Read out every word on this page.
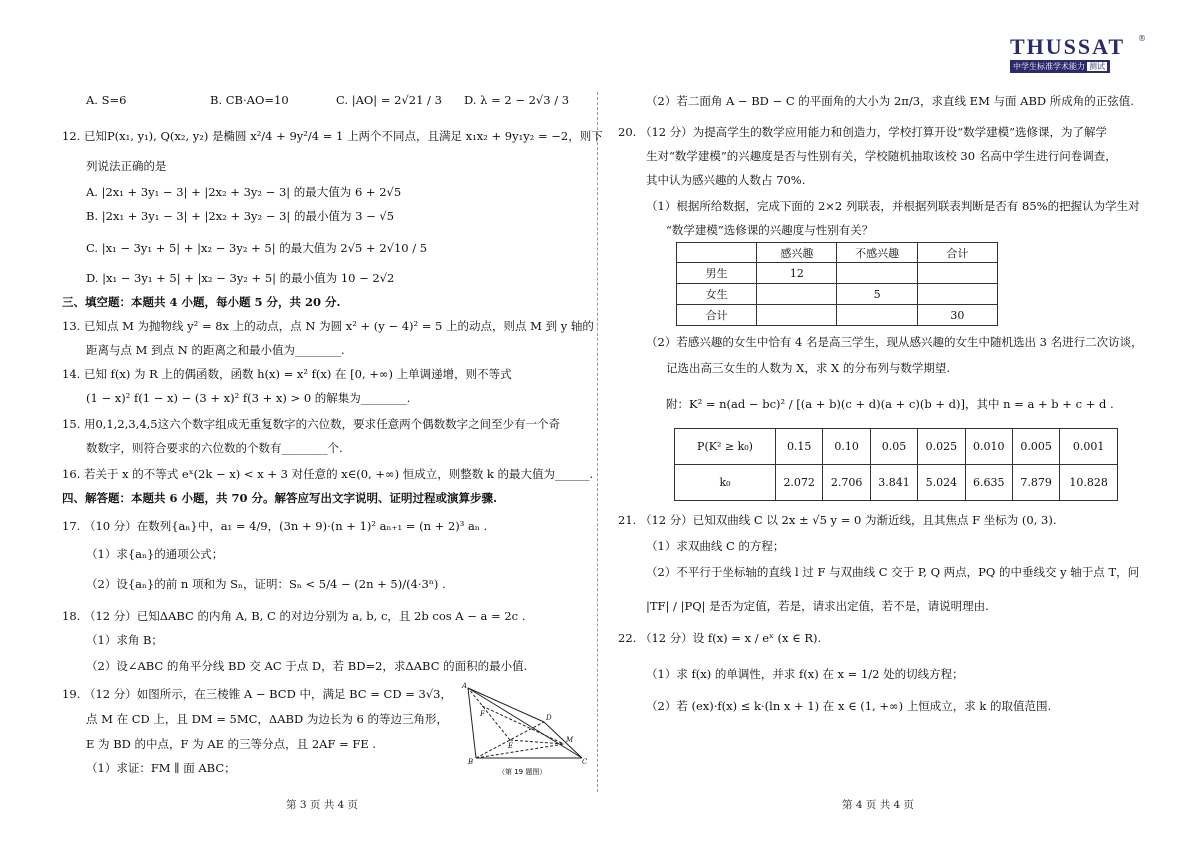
THUSSAT
中学生标准学术能力 测试
®
A. S=6	B. CB·AO=10	C. |AO| = 2√21 / 3 D. λ = 2 − 2√3 / 3
12. 已知P(x₁, y₁), Q(x₂, y₂) 是椭圆 x²/4 + 9y²/4 = 1 上两个不同点，且满足 x₁x₂ + 9y₁y₂ = −2，则下
列说法正确的是
A. |2x₁ + 3y₁ − 3| + |2x₂ + 3y₂ − 3| 的最大值为 6 + 2√5
B. |2x₁ + 3y₁ − 3| + |2x₂ + 3y₂ − 3| 的最小值为 3 − √5
C. |x₁ − 3y₁ + 5| + |x₂ − 3y₂ + 5| 的最大值为 2√5 + 2√10 / 5
D. |x₁ − 3y₁ + 5| + |x₂ − 3y₂ + 5| 的最小值为 10 − 2√2
三、填空题：本题共 4 小题，每小题 5 分，共 20 分.
13. 已知点 M 为抛物线 y² = 8x 上的动点，点 N 为圆 x² + (y − 4)² = 5 上的动点，则点 M 到 y 轴的
距离与点 M 到点 N 的距离之和最小值为________.
14. 已知 f(x) 为 R 上的偶函数，函数 h(x) = x² f(x) 在 [0, +∞) 上单调递增，则不等式
(1 − x)² f(1 − x) − (3 + x)² f(3 + x) > 0 的解集为________.
15. 用0,1,2,3,4,5这六个数字组成无重复数字的六位数，要求任意两个偶数数字之间至少有一个奇
数数字，则符合要求的六位数的个数有________个.
16. 若关于 x 的不等式 eˣ(2k − x) < x + 3 对任意的 x∈(0, +∞) 恒成立，则整数 k 的最大值为______.
四、解答题：本题共 6 小题，共 70 分。解答应写出文字说明、证明过程或演算步骤.
17. （10 分）在数列{aₙ}中，a₁ = 4/9，(3n + 9)·(n + 1)² aₙ₊₁ = (n + 2)³ aₙ .
（1）求{aₙ}的通项公式；
（2）设{aₙ}的前 n 项和为 Sₙ，证明：Sₙ < 5/4 − (2n + 5)/(4·3ⁿ) .
18. （12 分）已知ΔABC 的内角 A, B, C 的对边分别为 a, b, c，且 2b cos A − a = 2c .
（1）求角 B；
（2）设∠ABC 的角平分线 BD 交 AC 于点 D，若 BD=2，求ΔABC 的面积的最小值.
19. （12 分）如图所示，在三棱锥 A − BCD 中，满足 BC = CD = 3√3，
点 M 在 CD 上，且 DM = 5MC，ΔABD 为边长为 6 的等边三角形，
E 为 BD 的中点，F 为 AE 的三等分点，且 2AF = FE .
（1）求证：FM ∥ 面 ABC；
A
B	C
D
E
F
M
（第 19 题图）
第 3 页 共 4 页
（2）若二面角 A − BD − C 的平面角的大小为 2π/3，求直线 EM 与面 ABD 所成角的正弦值.
20. （12 分）为提高学生的数学应用能力和创造力，学校打算开设“数学建模”选修课，为了解学
生对“数学建模”的兴趣度是否与性别有关，学校随机抽取该校 30 名高中学生进行问卷调查，
其中认为感兴趣的人数占 70%.
（1）根据所给数据，完成下面的 2×2 列联表，并根据列联表判断是否有 85%的把握认为学生对
“数学建模”选修课的兴趣度与性别有关？
	感兴趣	不感兴趣	合计
男生	12		
女生		5	
合计			30
（2）若感兴趣的女生中恰有 4 名是高三学生，现从感兴趣的女生中随机选出 3 名进行二次访谈，
记选出高三女生的人数为 X，求 X 的分布列与数学期望.
附：K² = n(ad − bc)² / [(a + b)(c + d)(a + c)(b + d)]，其中 n = a + b + c + d .
P(K² ≥ k₀)	0.15	0.10	0.05	0.025	0.010	0.005	0.001
k₀	2.072	2.706	3.841	5.024	6.635	7.879	10.828
21. （12 分）已知双曲线 C 以 2x ± √5 y = 0 为渐近线，且其焦点 F 坐标为 (0, 3).
（1）求双曲线 C 的方程；
（2）不平行于坐标轴的直线 l 过 F 与双曲线 C 交于 P, Q 两点，PQ 的中垂线交 y 轴于点 T，问
|TF| / |PQ| 是否为定值，若是，请求出定值，若不是，请说明理由.
22. （12 分）设 f(x) = x / eˣ (x ∈ R).
（1）求 f(x) 的单调性，并求 f(x) 在 x = 1/2 处的切线方程；
（2）若 (ex)·f(x) ≤ k·(ln x + 1) 在 x ∈ (1, +∞) 上恒成立，求 k 的取值范围.
第 4 页 共 4 页
